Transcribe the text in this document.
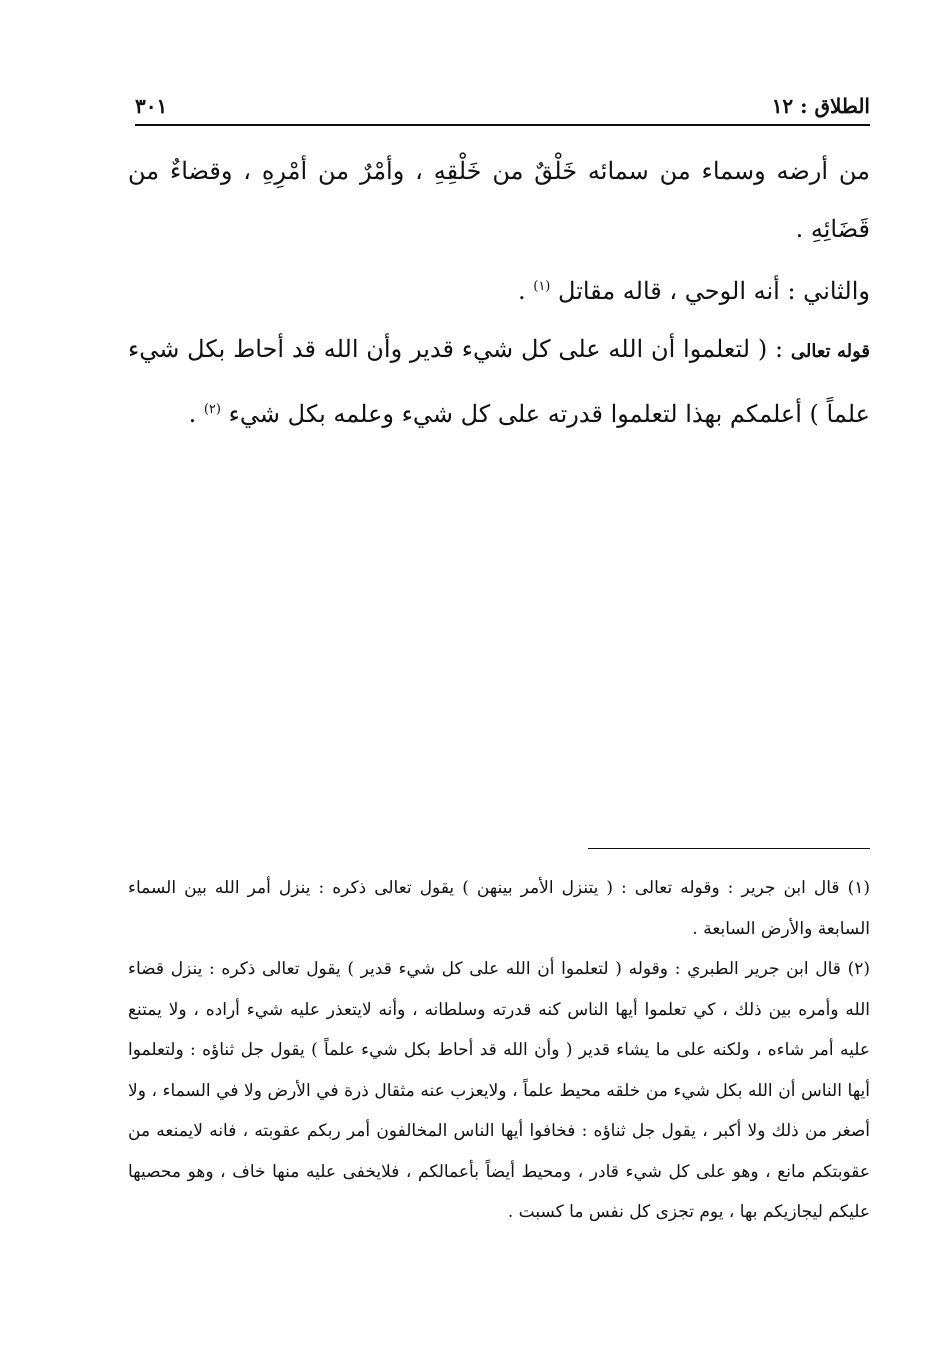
الطلاق : ١٢
٣٠١

من أرضه وسماء من سمائه خَلْقٌ من خَلْقِهِ ، وأمْرٌ من أمْرِهِ ، وقضاءٌ من قَضَائِهِ .

والثاني : أنه الوحي ، قاله مقاتل $^{(١)}$ .

قوله تعالى : ( لتعلموا أن الله على كل شيء قدير وأن الله قد أحاط بكل شيء علماً ) أعلمكم بهذا لتعلموا قدرته على كل شيء وعلمه بكل شيء $^{(٢)}$ .

(١) قال ابن جرير : وقوله تعالى : ( يتنزل الأمر بينهن ) يقول تعالى ذكره : ينزل أمر الله بين السماء السابعة والأرض السابعة .

(٢) قال ابن جرير الطبري : وقوله ( لتعلموا أن الله على كل شيء قدير ) يقول تعالى ذكره : ينزل قضاء الله وأمره بين ذلك ، كي تعلموا أيها الناس كنه قدرته وسلطانه ، وأنه لايتعذر عليه شيء أراده ، ولا يمتنع عليه أمر شاءه ، ولكنه على ما يشاء قدير ( وأن الله قد أحاط بكل شيء علماً ) يقول جل ثناؤه : ولتعلموا أيها الناس أن الله بكل شيء من خلقه محيط علماً ، ولايعزب عنه مثقال ذرة في الأرض ولا في السماء ، ولا أصغر من ذلك ولا أكبر ، يقول جل ثناؤه : فخافوا أيها الناس المخالفون أمر ربكم عقوبته ، فانه لايمنعه من عقوبتكم مانع ، وهو على كل شيء قادر ، ومحيط أيضاً بأعمالكم ، فلايخفى عليه منها خاف ، وهو محصيها عليكم ليجازيكم بها ، يوم تجزى كل نفس ما كسبت .
